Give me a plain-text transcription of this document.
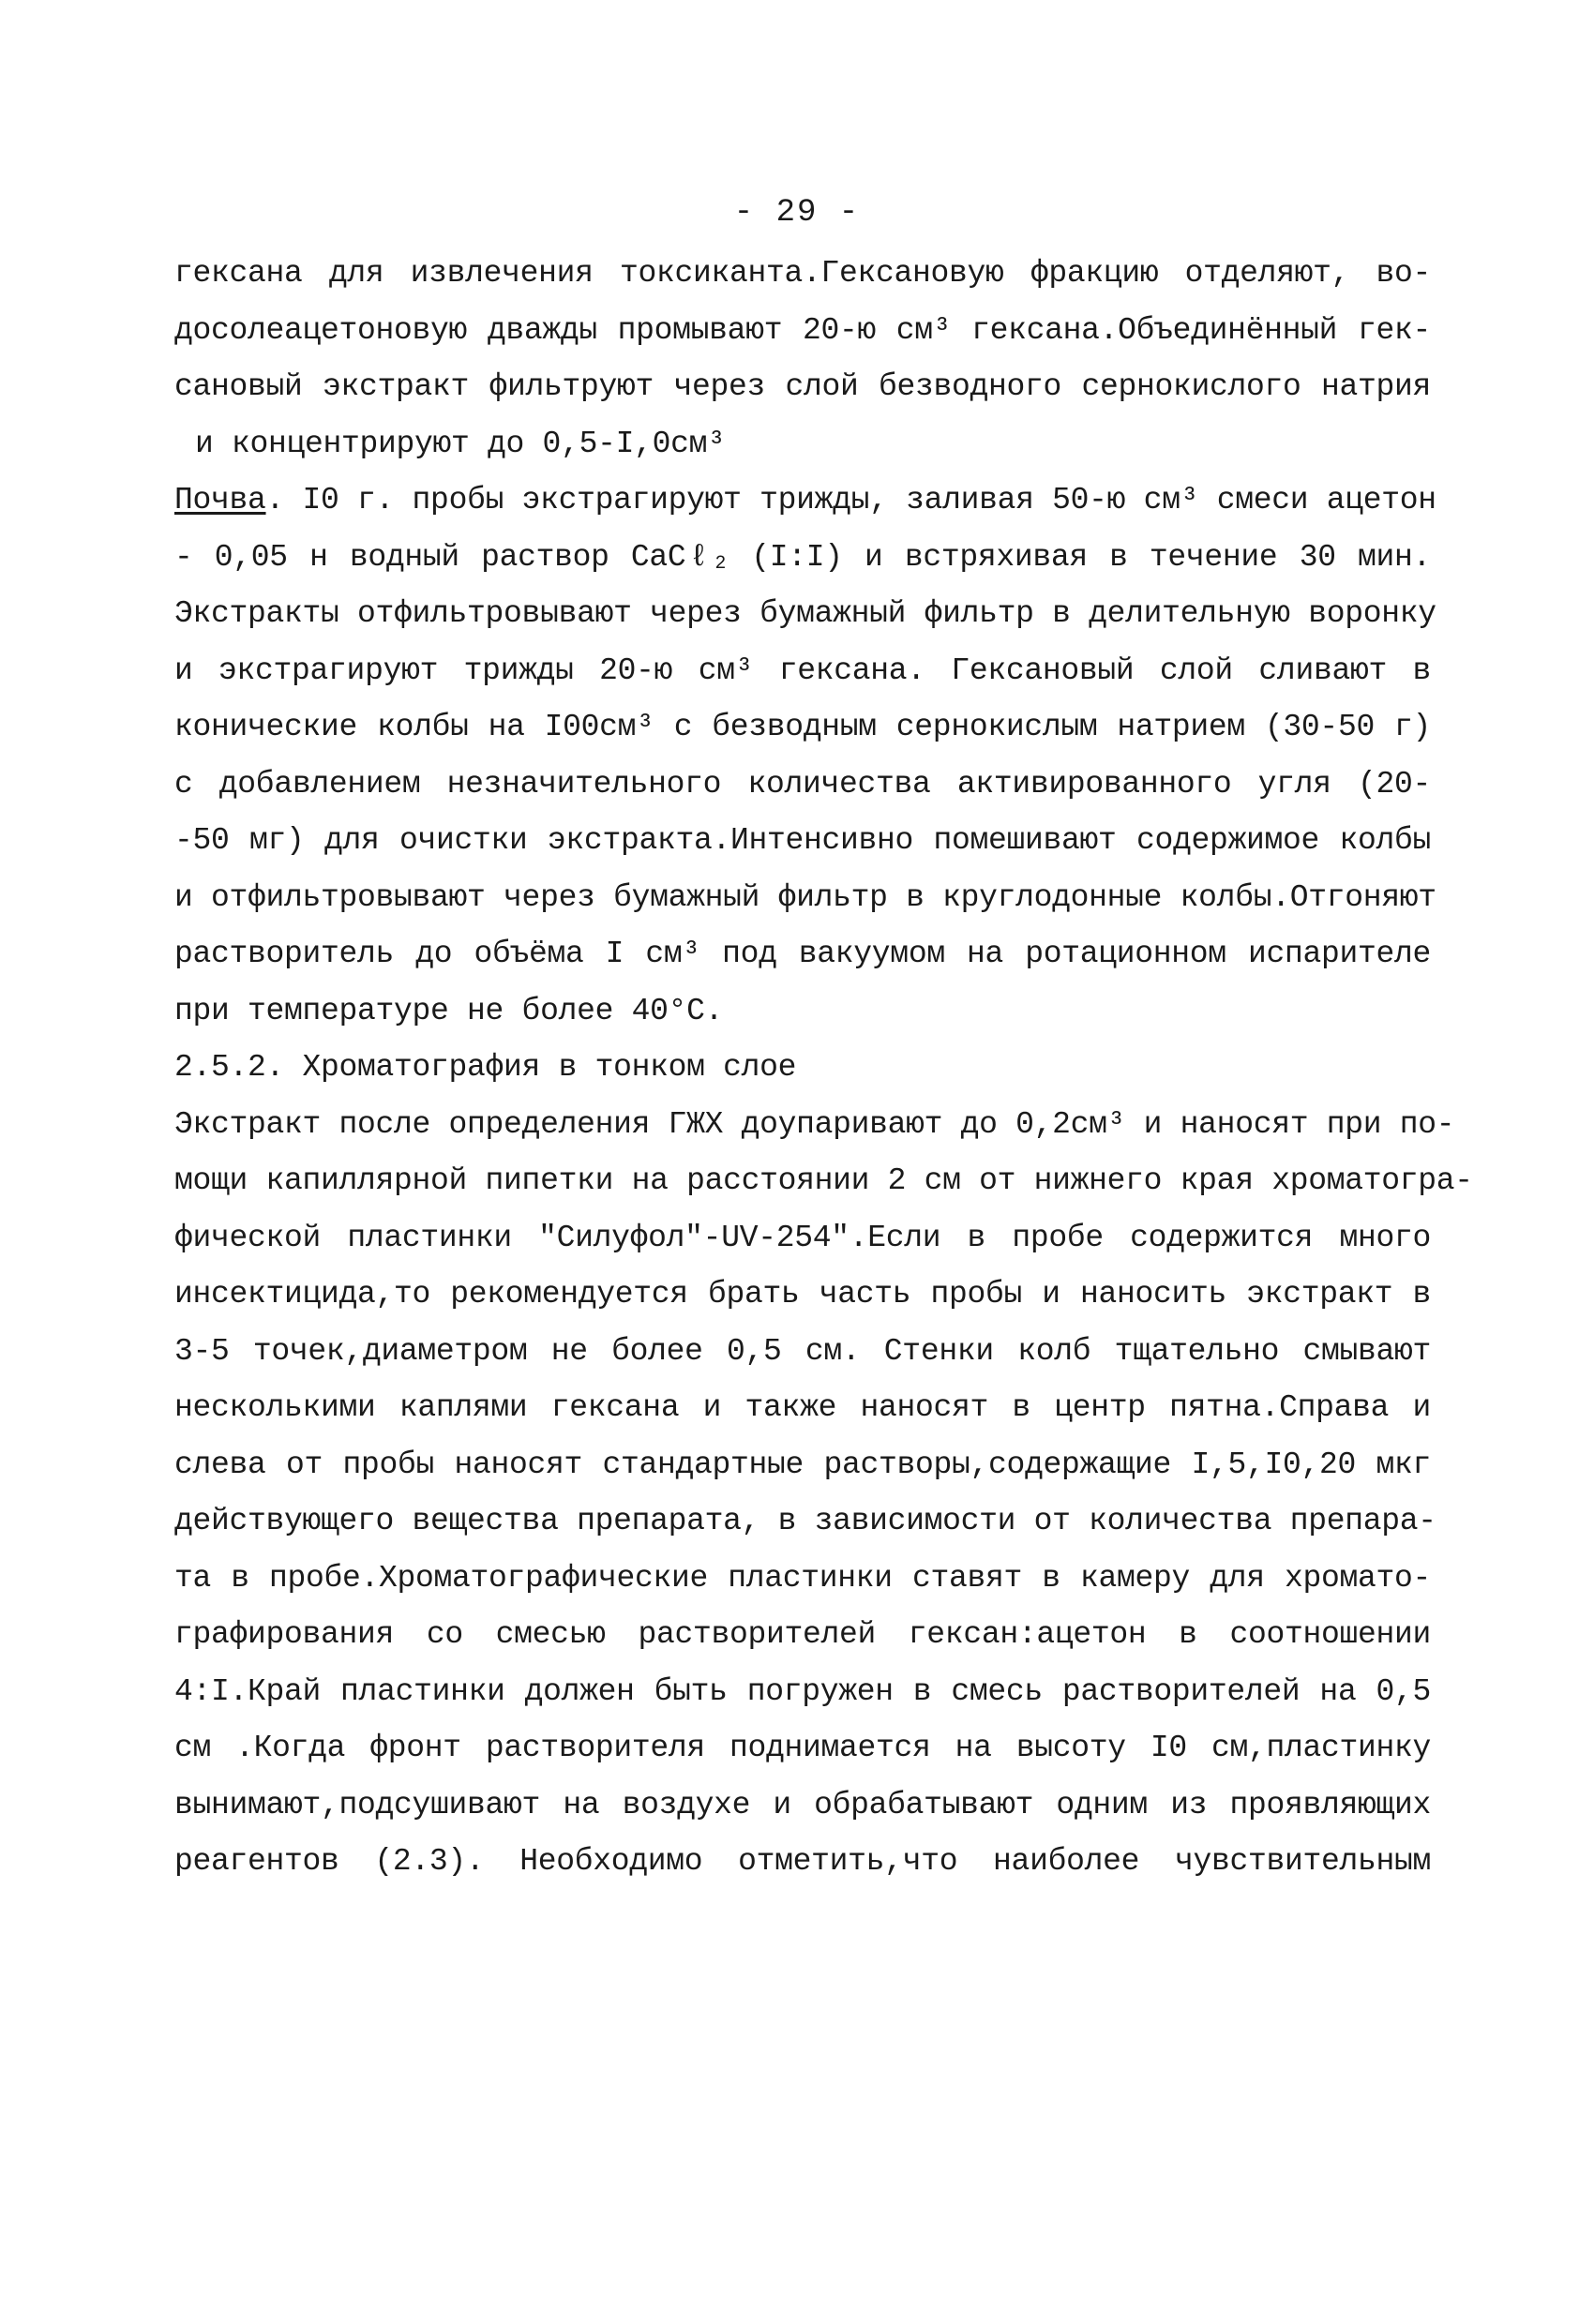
- 29 -
гексана для извлечения токсиканта.Гексановую фракцию отделяют, во-
досолеацетоновую дважды промывают 20-ю см³ гексана.Объединённый гек-
сановый экстракт фильтруют через слой безводного сернокислого натрия
и концентрируют до 0,5-I,0см³
Почва. I0 г. пробы экстрагируют трижды, заливая 50-ю см³ смеси ацетон
- 0,05 н водный раствор CaCℓ₂ (I:I) и встряхивая в течение 30 мин.
Экстракты отфильтровывают через бумажный фильтр в делительную воронку
и экстрагируют трижды 20-ю см³ гексана. Гексановый слой сливают в
конические колбы на I00см³ с безводным сернокислым натрием (30-50 г)
с добавлением незначительного количества активированного угля (20-
-50 мг) для очистки экстракта.Интенсивно помешивают содержимое колбы
и отфильтровывают через бумажный фильтр в круглодонные колбы.Отгоняют
растворитель до объёма I см³ под вакуумом на ротационном испарителе
при температуре не более 40°С.
2.5.2. Хроматография в тонком слое
Экстракт после определения ГЖХ доупаривают до 0,2см³ и наносят при по-
мощи капиллярной пипетки на расстоянии 2 см от нижнего края хроматогра-
фической пластинки "Силуфол"-UV-254".Если в пробе содержится много
инсектицида,то рекомендуется брать часть пробы и наносить экстракт в
3-5 точек,диаметром не более 0,5 см. Стенки колб тщательно смывают
несколькими каплями гексана и также наносят в центр пятна.Справа и
слева от пробы наносят стандартные растворы,содержащие I,5,I0,20 мкг
действующего вещества препарата, в зависимости от количества препара-
та в пробе.Хроматографические пластинки ставят в камеру для хромато-
графирования со смесью растворителей гексан:ацетон в соотношении
4:I.Край пластинки должен быть погружен в смесь растворителей на 0,5
см .Когда фронт растворителя поднимается на высоту I0 см,пластинку
вынимают,подсушивают на воздухе и обрабатывают одним из проявляющих
реагентов (2.3). Необходимо отметить,что наиболее чувствительным
